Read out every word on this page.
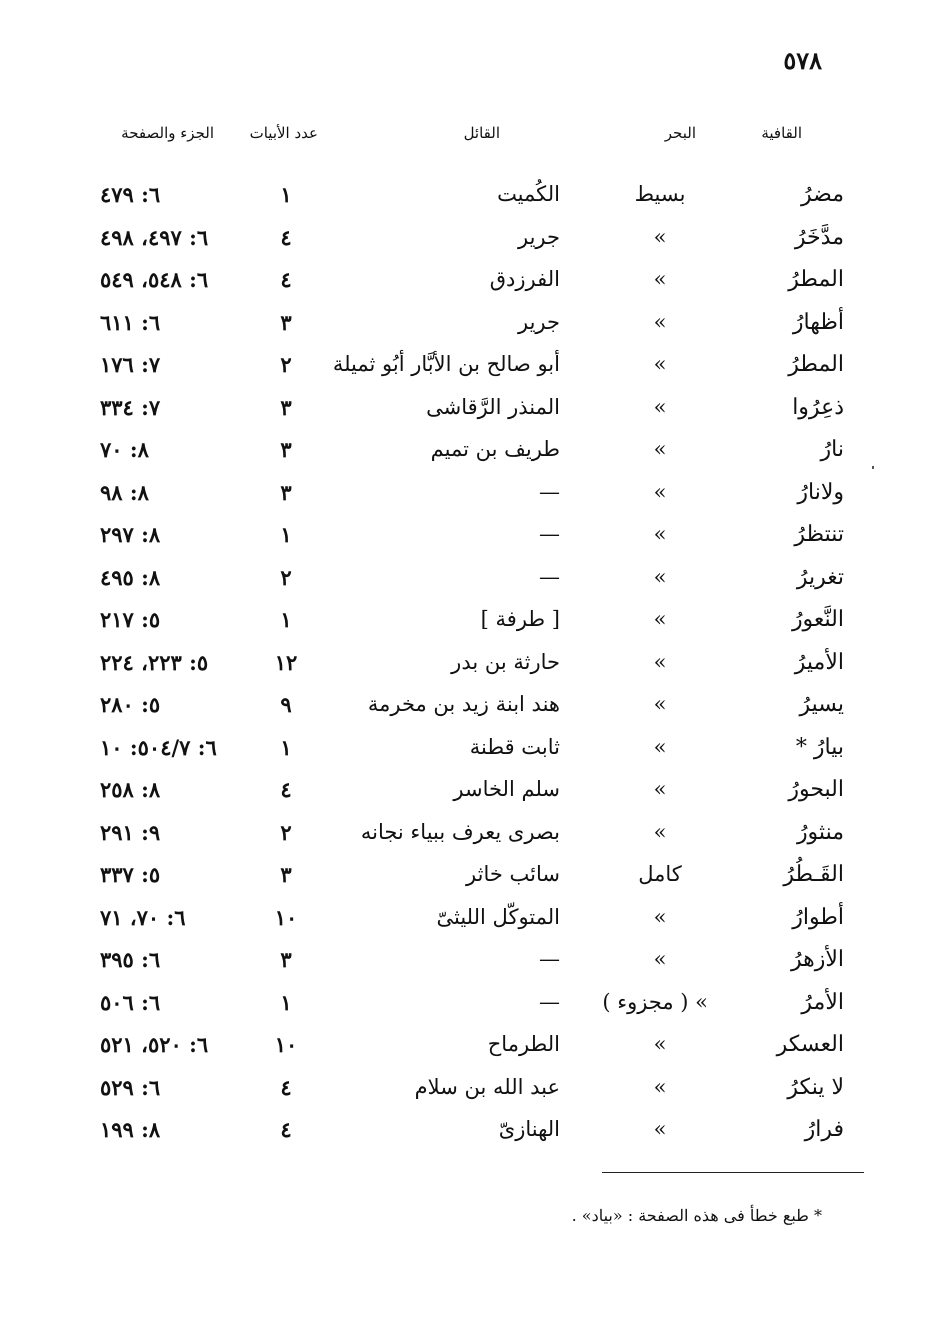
٥٧٨
القافية
البحر
القائل
عدد الأبيات
الجزء والصفحة
مضرُ
بسيط
الكُميت
١
٦: ٤٧٩
مدَّخَرُ
»
جرير
٤
٦: ٤٩٧، ٤٩٨
المطرُ
»
الفرزدق
٤
٦: ٥٤٨، ٥٤٩
أظهارُ
»
جرير
٣
٦: ٦١١
المطرُ
»
أبو صالح بن الأبَّار أبُو ثميلة
٢
٧: ١٧٦
ذعِرُوا
»
المنذر الرَّقاشى
٣
٧: ٣٣٤
نارُ
»
طريف بن تميم
٣
٨: ٧٠
ولانارُ
»
—
٣
٨: ٩٨
تنتظرُ
»
—
١
٨: ٢٩٧
تغريرُ
»
—
٢
٨: ٤٩٥
النَّعورُ
»
[ طرفة ]
١
٥: ٢١٧
الأميرُ
»
حارثة بن بدر
١٢
٥: ٢٢٣، ٢٢٤
يسيرُ
»
هند ابنة زيد بن مخرمة
٩
٥: ٢٨٠
بيارُ *
»
ثابت قطنة
١
٦: ٥٠٤/٧: ١٠
البحورُ
»
سلم الخاسر
٤
٨: ٢٥٨
منثورُ
»
بصرى يعرف ببياء نجانه
٢
٩: ٢٩١
القَـطُرُ
كامل
سائب خاثر
٣
٥: ٣٣٧
أطوارُ
»
المتوكّل الليثىّ
١٠
٦: ٧٠، ٧١
الأزهرُ
»
—
٣
٦: ٣٩٥
الأمرُ
» ( مجزوء )
—
١
٦: ٥٠٦
العسكر
»
الطرماح
١٠
٦: ٥٢٠، ٥٢١
لا ينكرُ
»
عبد الله بن سلام
٤
٦: ٥٢٩
فرارُ
»
الهنازىّ
٤
٨: ١٩٩
* طبع خطأ فى هذه الصفحة : «بياد» .
